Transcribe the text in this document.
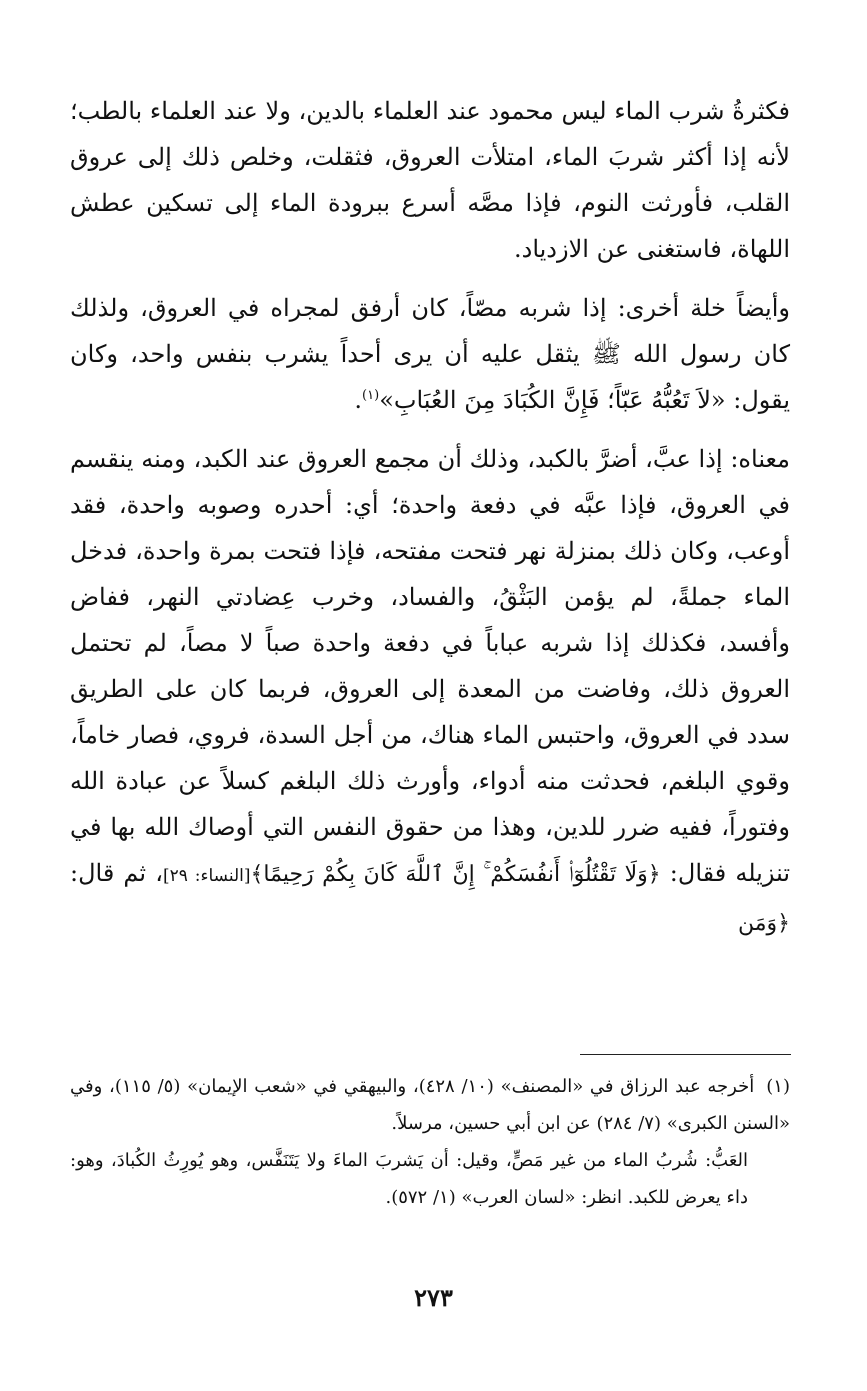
فكثرةُ شرب الماء ليس محمود عند العلماء بالدين، ولا عند العلماء بالطب؛ لأنه إذا أكثر شربَ الماء، امتلأت العروق، فثقلت، وخلص ذلك إلى عروق القلب، فأورثت النوم، فإذا مصَّه أسرع ببرودة الماء إلى تسكين عطش اللهاة، فاستغنى عن الازدياد.

وأيضاً خلة أخرى: إذا شربه مصّاً، كان أرفق لمجراه في العروق، ولذلك كان رسول الله ﷺ يثقل عليه أن يرى أحداً يشرب بنفس واحد، وكان يقول: «لاَ تَعُبُّهُ عَبّاً؛ فَإِنَّ الكُبَادَ مِنَ العُبَابِ»$^{(١)}$.

معناه: إذا عبَّ، أضرَّ بالكبد، وذلك أن مجمع العروق عند الكبد، ومنه ينقسم في العروق، فإذا عبَّه في دفعة واحدة؛ أي: أحدره وصوبه واحدة، فقد أوعب، وكان ذلك بمنزلة نهر فتحت مفتحه، فإذا فتحت بمرة واحدة، فدخل الماء جملةً، لم يؤمن البَثْقُ، والفساد، وخرب عِضادتي النهر، ففاض وأفسد، فكذلك إذا شربه عباباً في دفعة واحدة صباً لا مصاً، لم تحتمل العروق ذلك، وفاضت من المعدة إلى العروق، فربما كان على الطريق سدد في العروق، واحتبس الماء هناك، من أجل السدة، فروي، فصار خاماً، وقوي البلغم، فحدثت منه أدواء، وأورث ذلك البلغم كسلاً عن عبادة الله وفتوراً، ففيه ضرر للدين، وهذا من حقوق النفس التي أوصاك الله بها في تنزيله فقال: ﴿وَلَا تَقْتُلُوٓا۟ أَنفُسَكُمْ ۚ إِنَّ ٱللَّهَ كَانَ بِكُمْ رَحِيمًا﴾[النساء: ٢٩]، ثم قال: ﴿وَمَن

(١)أخرجه عبد الرزاق في «المصنف» (١٠/ ٤٢٨)، والبيهقي في «شعب الإيمان» (٥/ ١١٥)، وفي «السنن الكبرى» (٧/ ٢٨٤) عن ابن أبي حسين، مرسلاً.

العَبُّ: شُربُ الماء من غير مَصٍّ، وقيل: أن يَشربَ الماءَ ولا يَتَنَفَّس، وهو يُورِثُ الكُبادَ، وهو: داء يعرض للكبد. انظر: «لسان العرب» (١/ ٥٧٢).

٢٧٣
